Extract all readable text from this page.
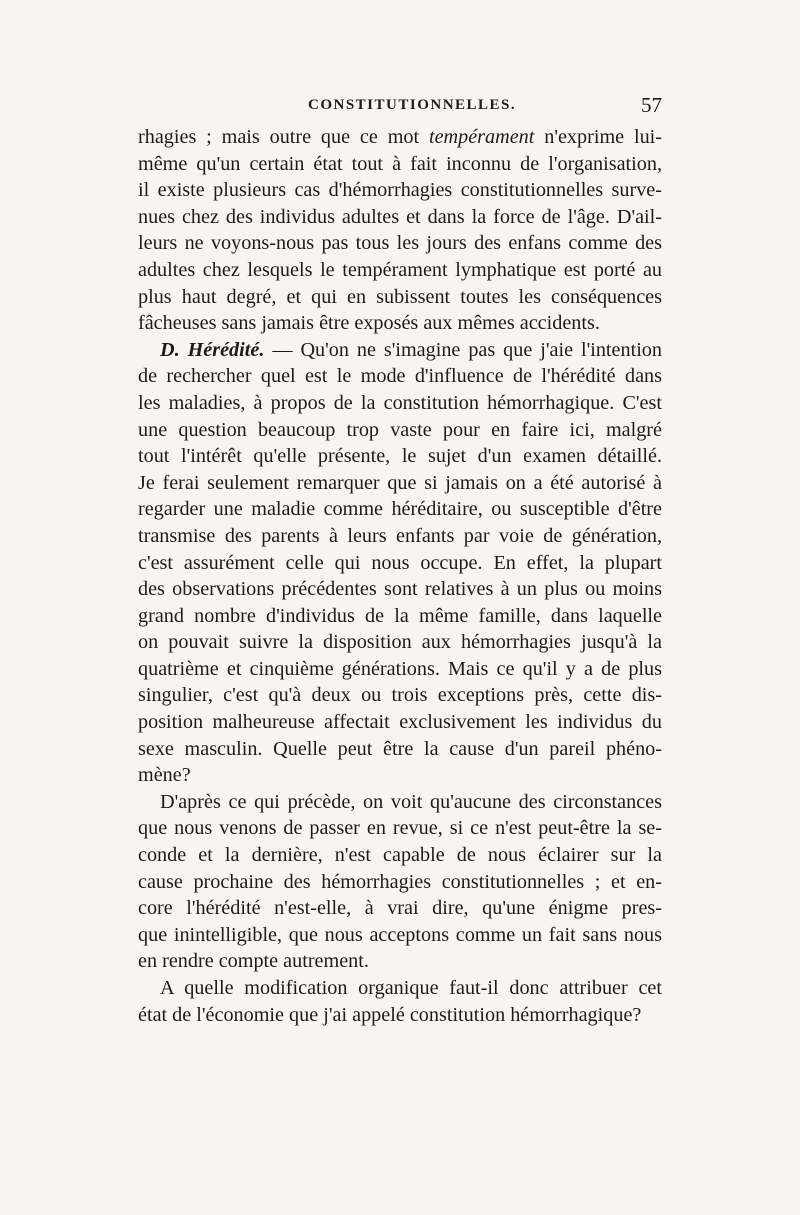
CONSTITUTIONNELLES.	57
rhagies ; mais outre que ce mot tempérament n'exprime lui-
même qu'un certain état tout à fait inconnu de l'organisation,
il existe plusieurs cas d'hémorrhagies constitutionnelles surve-
nues chez des individus adultes et dans la force de l'âge. D'ail-
leurs ne voyons-nous pas tous les jours des enfans comme des
adultes chez lesquels le tempérament lymphatique est porté au
plus haut degré, et qui en subissent toutes les conséquences
fâcheuses sans jamais être exposés aux mêmes accidents.
D. Hérédité. — Qu'on ne s'imagine pas que j'aie l'intention
de rechercher quel est le mode d'influence de l'hérédité dans
les maladies, à propos de la constitution hémorrhagique. C'est
une question beaucoup trop vaste pour en faire ici, malgré
tout l'intérêt qu'elle présente, le sujet d'un examen détaillé.
Je ferai seulement remarquer que si jamais on a été autorisé à
regarder une maladie comme héréditaire, ou susceptible d'être
transmise des parents à leurs enfants par voie de génération,
c'est assurément celle qui nous occupe. En effet, la plupart
des observations précédentes sont relatives à un plus ou moins
grand nombre d'individus de la même famille, dans laquelle
on pouvait suivre la disposition aux hémorrhagies jusqu'à la
quatrième et cinquième générations. Mais ce qu'il y a de plus
singulier, c'est qu'à deux ou trois exceptions près, cette dis-
position malheureuse affectait exclusivement les individus du
sexe masculin. Quelle peut être la cause d'un pareil phéno-
mène?
D'après ce qui précède, on voit qu'aucune des circonstances
que nous venons de passer en revue, si ce n'est peut-être la se-
conde et la dernière, n'est capable de nous éclairer sur la
cause prochaine des hémorrhagies constitutionnelles ; et en-
core l'hérédité n'est-elle, à vrai dire, qu'une énigme pres-
que inintelligible, que nous acceptons comme un fait sans nous
en rendre compte autrement.
A quelle modification organique faut-il donc attribuer cet
état de l'économie que j'ai appelé constitution hémorrhagique?
